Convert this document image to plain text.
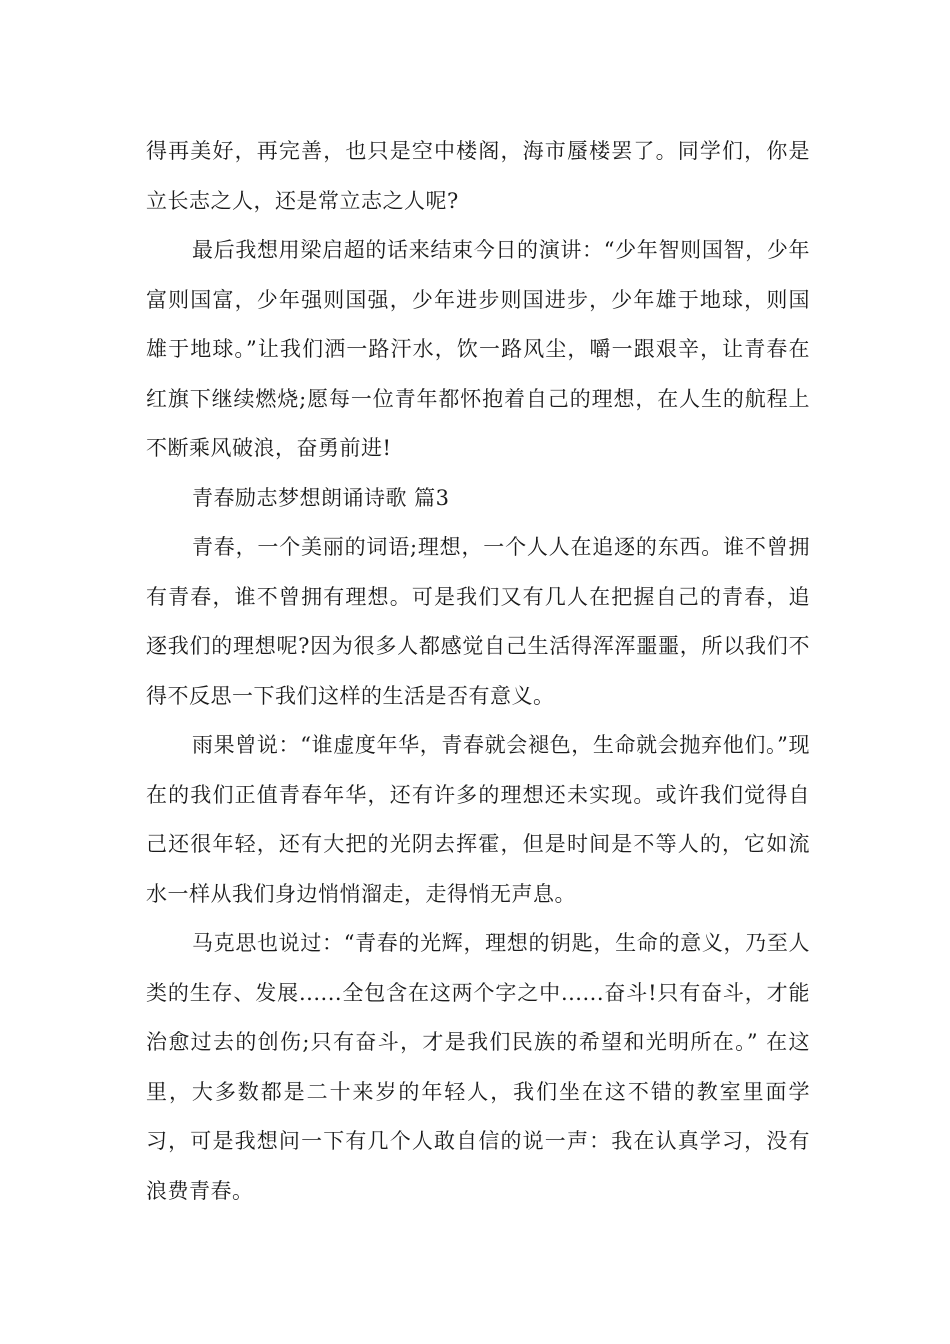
得再美好，再完善，也只是空中楼阁，海市蜃楼罢了。同学们，你是立长志之人，还是常立志之人呢?

最后我想用梁启超的话来结束今日的演讲：“少年智则国智，少年富则国富，少年强则国强，少年进步则国进步，少年雄于地球，则国雄于地球。”让我们洒一路汗水，饮一路风尘，嚼一跟艰辛，让青春在红旗下继续燃烧;愿每一位青年都怀抱着自己的理想，在人生的航程上不断乘风破浪，奋勇前进!

青春励志梦想朗诵诗歌 篇3

青春，一个美丽的词语;理想，一个人人在追逐的东西。谁不曾拥有青春，谁不曾拥有理想。可是我们又有几人在把握自己的青春，追逐我们的理想呢?因为很多人都感觉自己生活得浑浑噩噩，所以我们不得不反思一下我们这样的生活是否有意义。

雨果曾说：“谁虚度年华，青春就会褪色，生命就会抛弃他们。”现在的我们正值青春年华，还有许多的理想还未实现。或许我们觉得自己还很年轻，还有大把的光阴去挥霍，但是时间是不等人的，它如流水一样从我们身边悄悄溜走，走得悄无声息。

马克思也说过：“青春的光辉，理想的钥匙，生命的意义，乃至人类的生存、发展......全包含在这两个字之中......奋斗!只有奋斗，才能治愈过去的创伤;只有奋斗，才是我们民族的希望和光明所在。” 在这里，大多数都是二十来岁的年轻人，我们坐在这不错的教室里面学习，可是我想问一下有几个人敢自信的说一声：我在认真学习，没有浪费青春。
